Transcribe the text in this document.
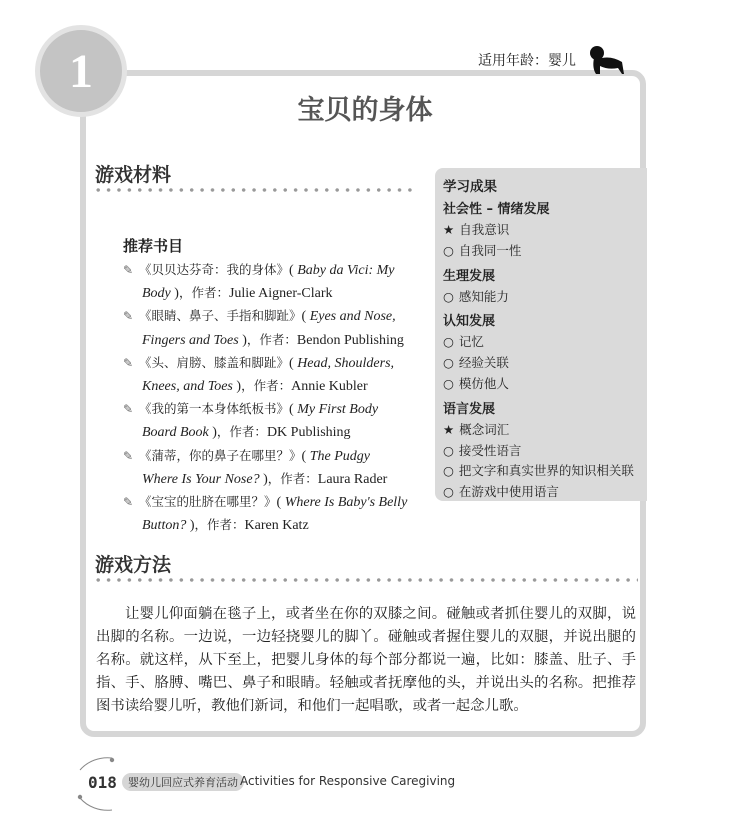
1	适用年龄：婴儿
宝贝的身体
游戏材料
推荐书目
✎ 《贝贝达芬奇：我的身体》( Baby da Vici: My
Body )，作者：Julie Aigner-Clark
✎ 《眼睛、鼻子、手指和脚趾》( Eyes and Nose,
Fingers and Toes )，作者：Bendon Publishing
✎ 《头、肩膀、膝盖和脚趾》( Head, Shoulders,
Knees, and Toes )，作者：Annie Kubler
✎ 《我的第一本身体纸板书》( My First Body
Board Book )，作者：DK Publishing
✎ 《蒲蒂，你的鼻子在哪里？》( The Pudgy
Where Is Your Nose? )，作者：Laura Rader
✎ 《宝宝的肚脐在哪里？》( Where Is Baby's Belly
Button? )，作者：Karen Katz
学习成果
社会性 – 情绪发展
★ 自我意识
○ 自我同一性
生理发展
○ 感知能力
认知发展
○ 记忆
○ 经验关联
○ 模仿他人
语言发展
★ 概念词汇
○ 接受性语言
○ 把文字和真实世界的知识相关联
○ 在游戏中使用语言
游戏方法
让婴儿仰面躺在毯子上，或者坐在你的双膝之间。碰触或者抓住婴儿的双脚，说
出脚的名称。一边说，一边轻挠婴儿的脚丫。碰触或者握住婴儿的双腿，并说出腿的
名称。就这样，从下至上，把婴儿身体的每个部分都说一遍，比如：膝盖、肚子、手
指、手、胳膊、嘴巴、鼻子和眼睛。轻触或者抚摩他的头，并说出头的名称。把推荐
图书读给婴儿听，教他们新词，和他们一起唱歌，或者一起念儿歌。
018	婴幼儿回应式养育活动 Activities for Responsive Caregiving
